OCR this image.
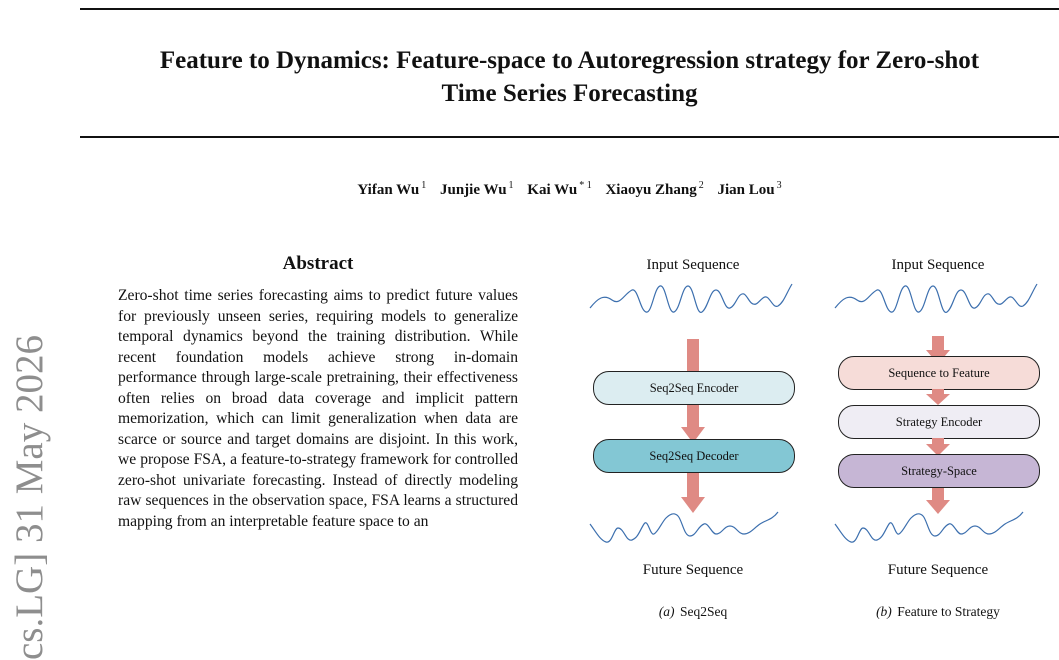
Feature to Dynamics: Feature-space to Autoregression strategy for Zero-shot
Time Series Forecasting
Yifan Wu $^1$ Junjie Wu $^1$ Kai Wu $^{* 1}$ Xiaoyu Zhang $^2$ Jian Lou $^3$
cs.LG] 31 May 2026
Abstract
Zero-shot time series forecasting aims to predict future values for previously unseen series, requiring models to generalize temporal dynamics beyond the training distribution. While recent foundation models achieve strong in-domain performance through large-scale pretraining, their effectiveness often relies on broad data coverage and implicit pattern memorization, which can limit generalization when data are scarce or source and target domains are disjoint. In this work, we propose FSA, a feature-to-strategy framework for controlled zero-shot univariate forecasting. Instead of directly modeling raw sequences in the observation space, FSA learns a structured mapping from an interpretable feature space to an
Input Sequence
Seq2Seq Encoder
Seq2Seq Decoder
Future Sequence
(a) Seq2Seq
Input Sequence
Sequence to Feature
Strategy Encoder
Strategy-Space
Future Sequence
(b) Feature to Strategy
